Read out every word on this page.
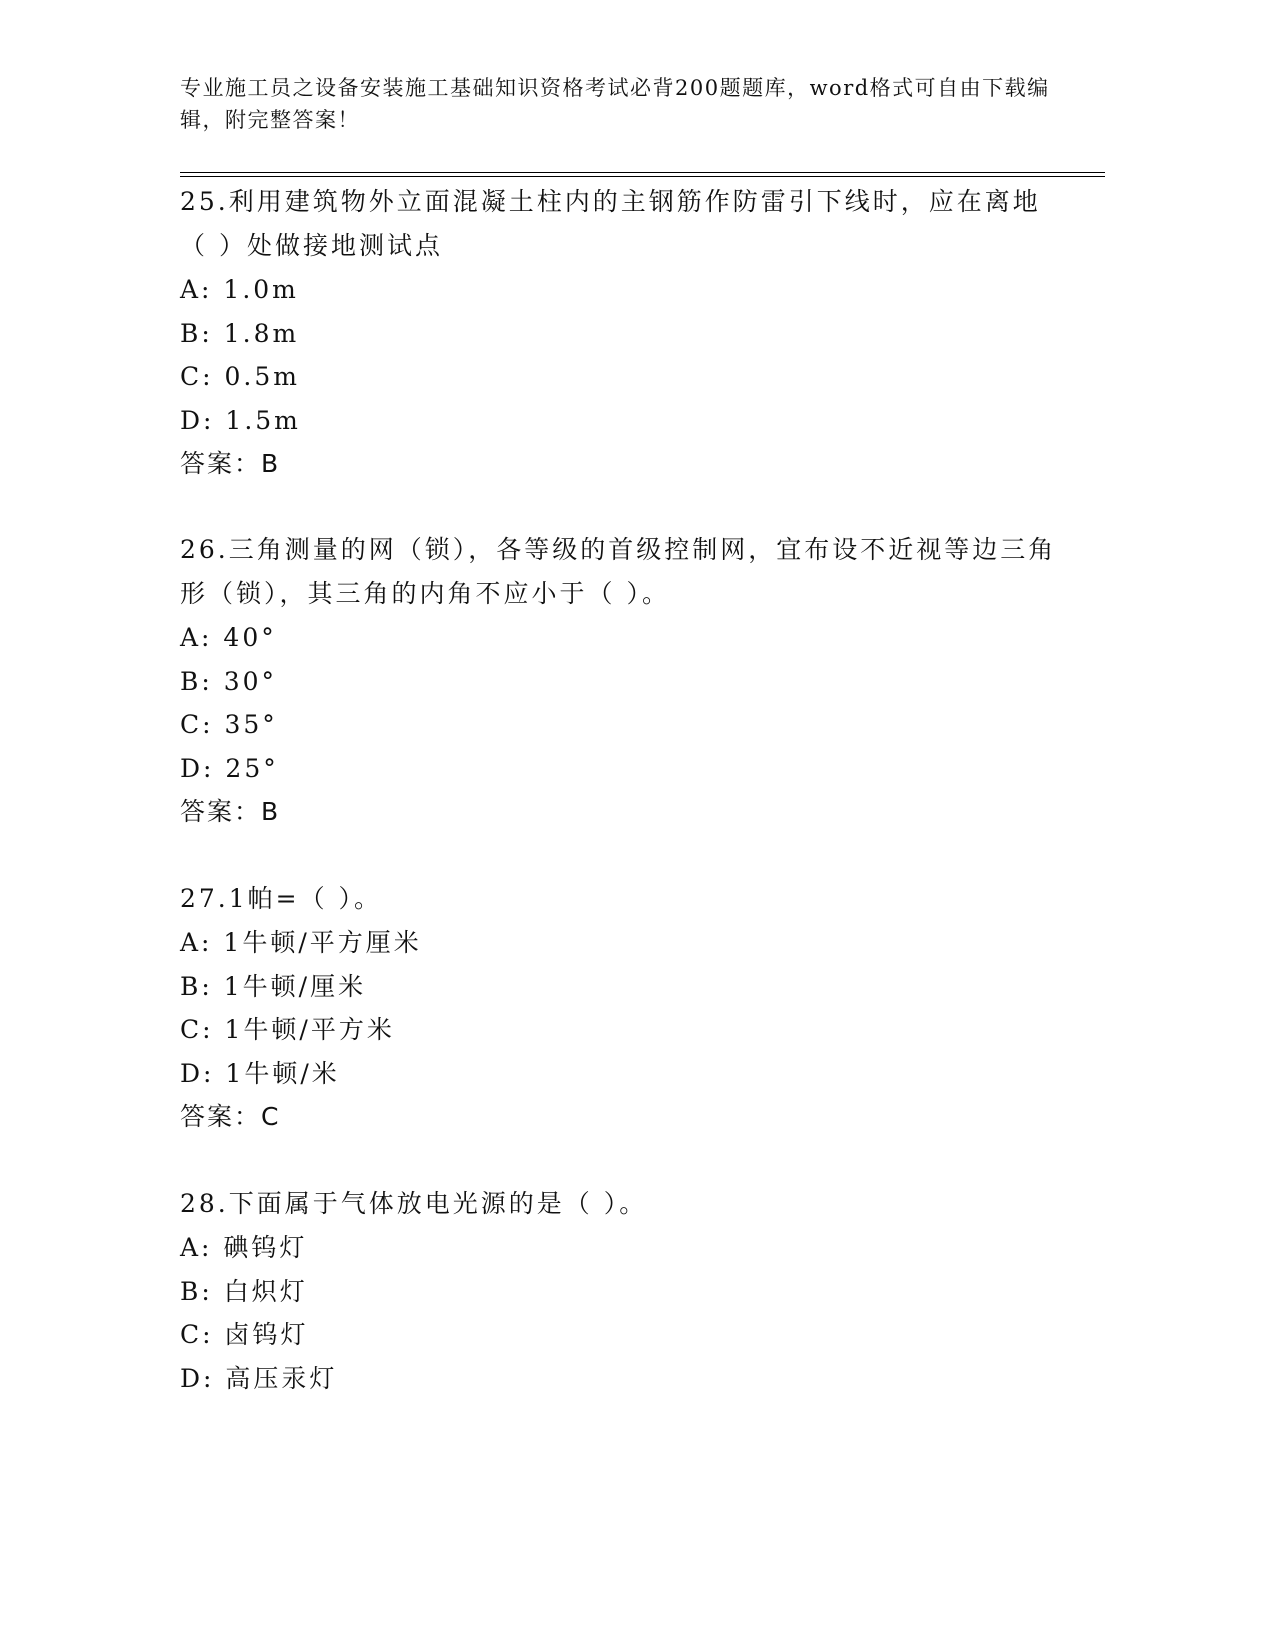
专业施工员之设备安装施工基础知识资格考试必背200题题库，word格式可自由下载编辑，附完整答案！
25.利用建筑物外立面混凝土柱内的主钢筋作防雷引下线时，应在离地（ ）处做接地测试点
A: 1.0m
B: 1.8m
C: 0.5m
D: 1.5m
答案：B
26.三角测量的网（锁），各等级的首级控制网，宜布设不近视等边三角形（锁），其三角的内角不应小于（ ）。
A: 40°
B: 30°
C: 35°
D: 25°
答案：B
27.1帕=（ ）。
A: 1牛顿/平方厘米
B: 1牛顿/厘米
C: 1牛顿/平方米
D: 1牛顿/米
答案：C
28.下面属于气体放电光源的是（ ）。
A: 碘钨灯
B: 白炽灯
C: 卤钨灯
D: 高压汞灯
